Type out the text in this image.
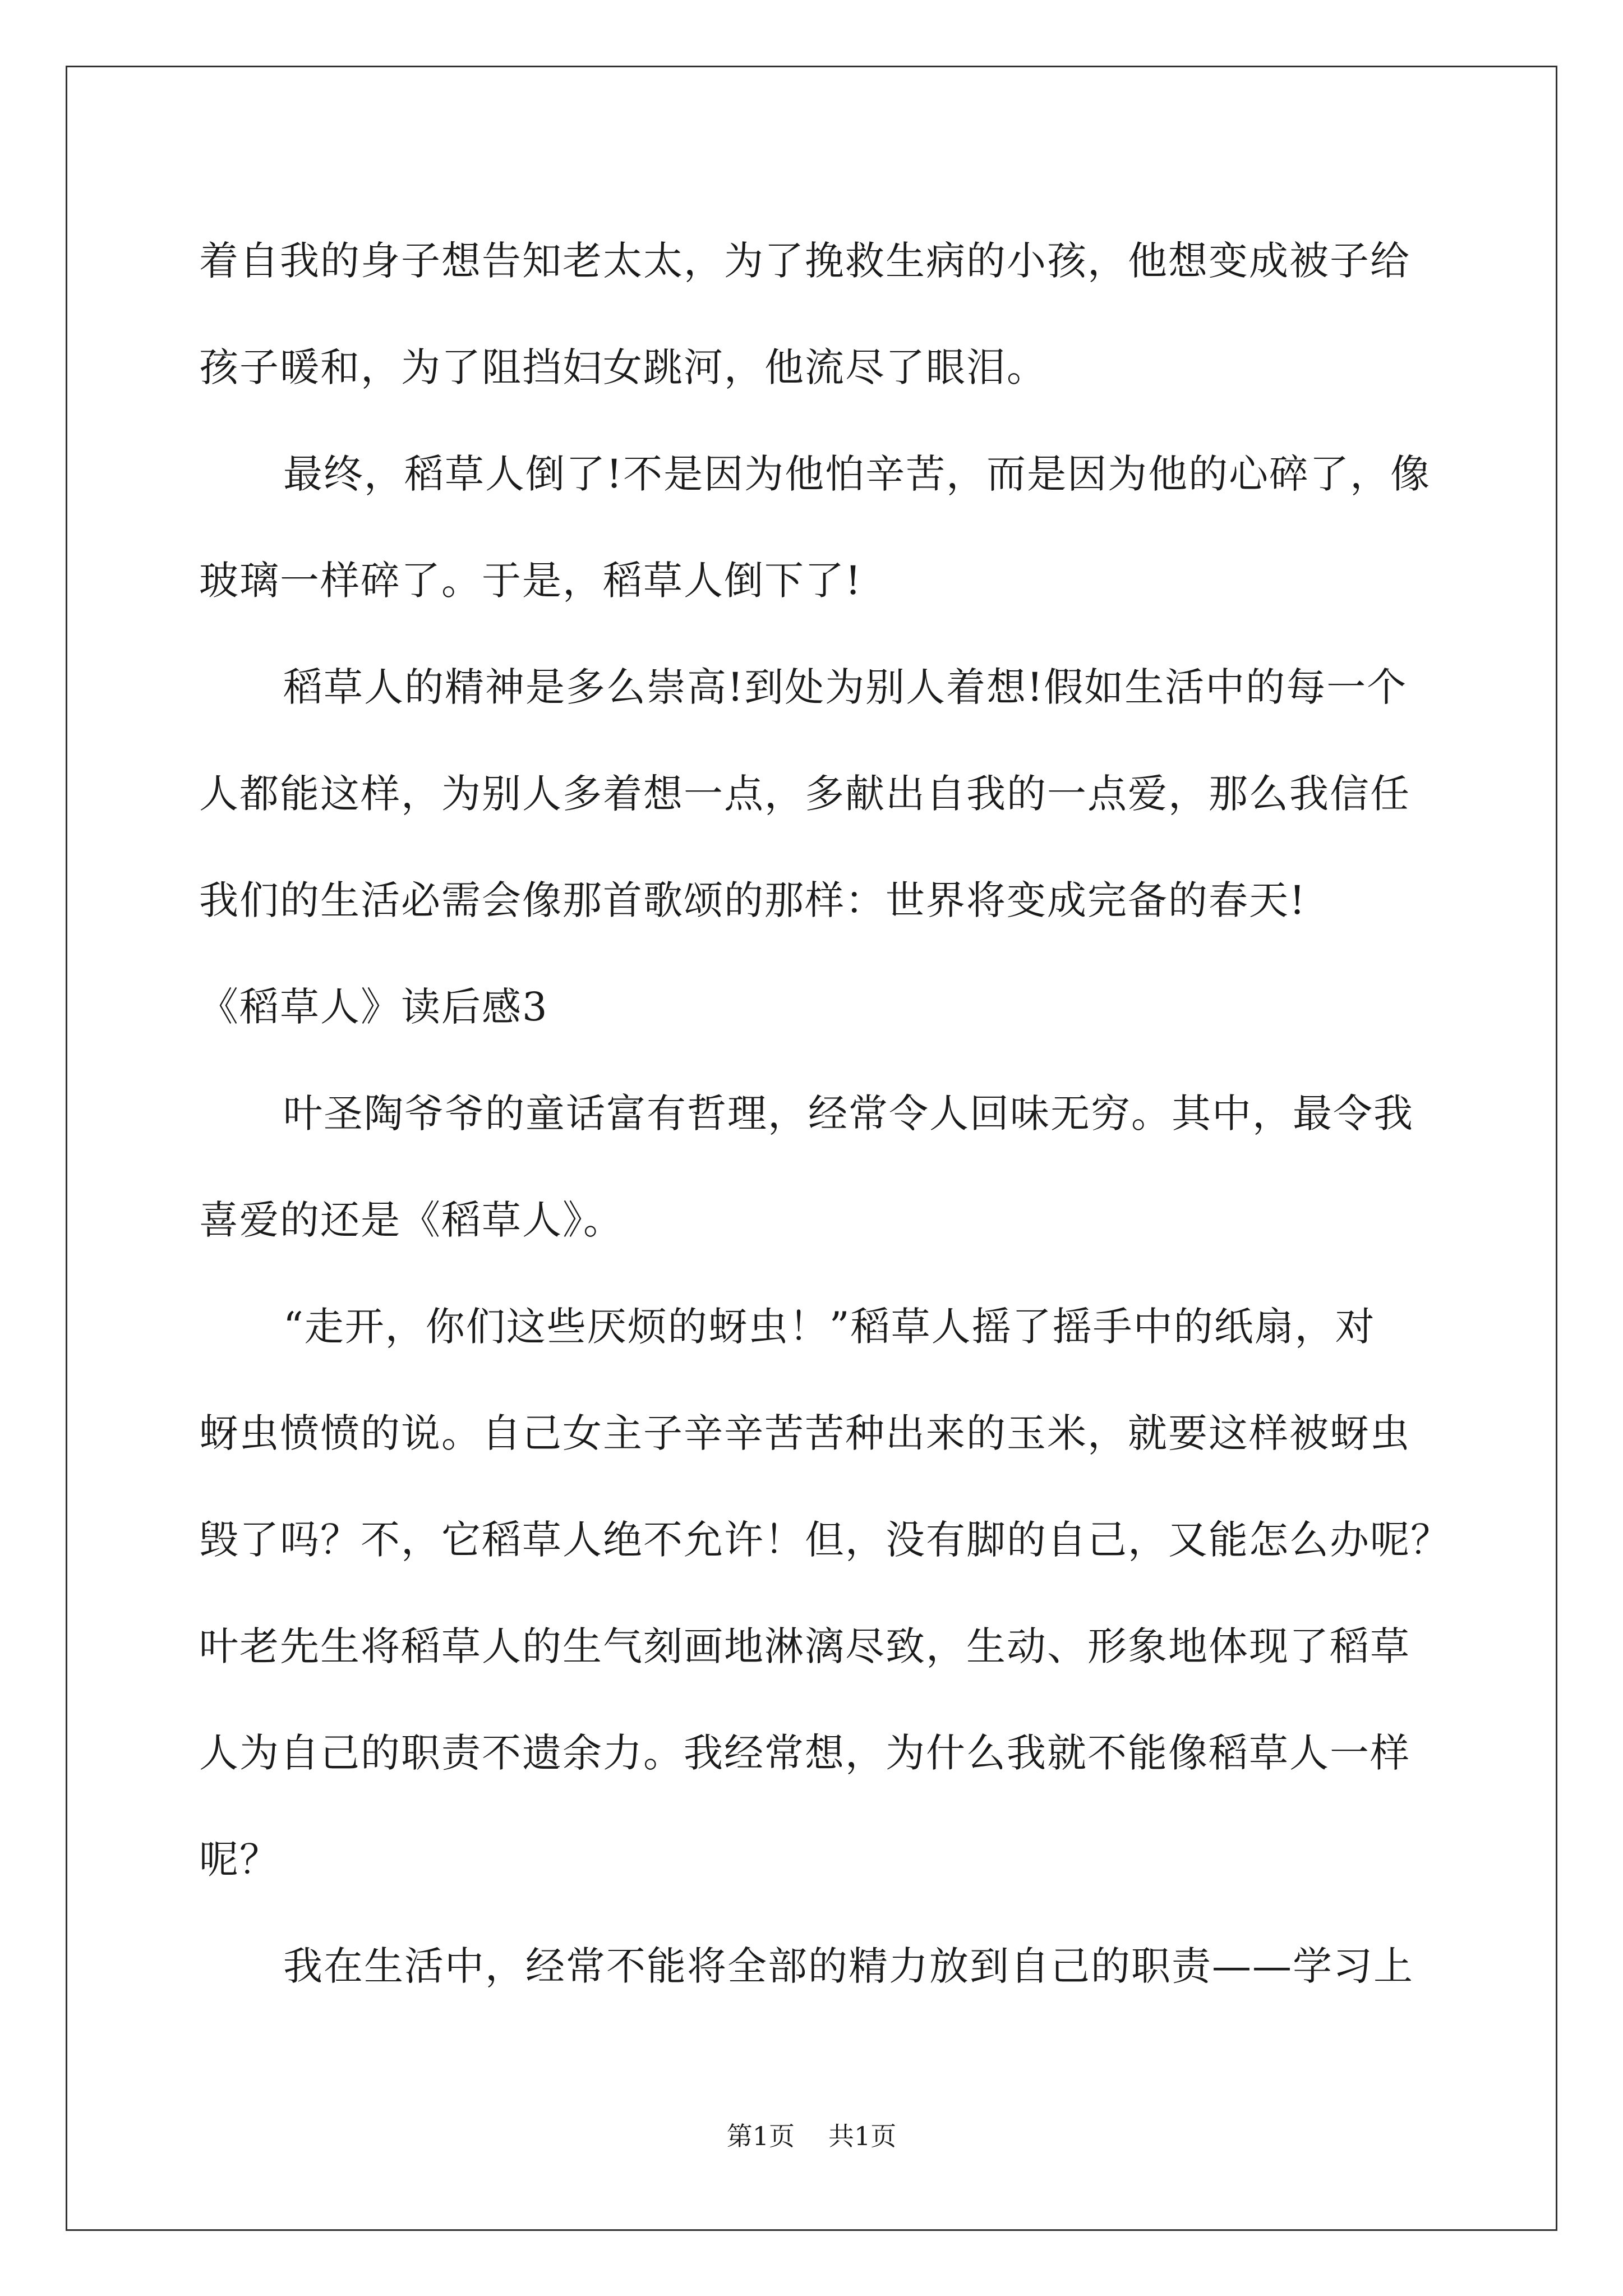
着自我的身子想告知老太太，为了挽救生病的小孩，他想变成被子给
孩子暖和，为了阻挡妇女跳河，他流尽了眼泪。
最终，稻草人倒了!不是因为他怕辛苦，而是因为他的心碎了，像
玻璃一样碎了。于是，稻草人倒下了!
稻草人的精神是多么崇高!到处为别人着想!假如生活中的每一个
人都能这样，为别人多着想一点，多献出自我的一点爱，那么我信任
我们的生活必需会像那首歌颂的那样：世界将变成完备的春天!
《稻草人》读后感3
叶圣陶爷爷的童话富有哲理，经常令人回味无穷。其中，最令我
喜爱的还是《稻草人》。
“走开，你们这些厌烦的蚜虫！”稻草人摇了摇手中的纸扇，对
蚜虫愤愤的说。自己女主子辛辛苦苦种出来的玉米，就要这样被蚜虫
毁了吗？不，它稻草人绝不允许！但，没有脚的自己，又能怎么办呢？
叶老先生将稻草人的生气刻画地淋漓尽致，生动、形象地体现了稻草
人为自己的职责不遗余力。我经常想，为什么我就不能像稻草人一样
呢？
我在生活中，经常不能将全部的精力放到自己的职责——学习上
第1页 共1页
